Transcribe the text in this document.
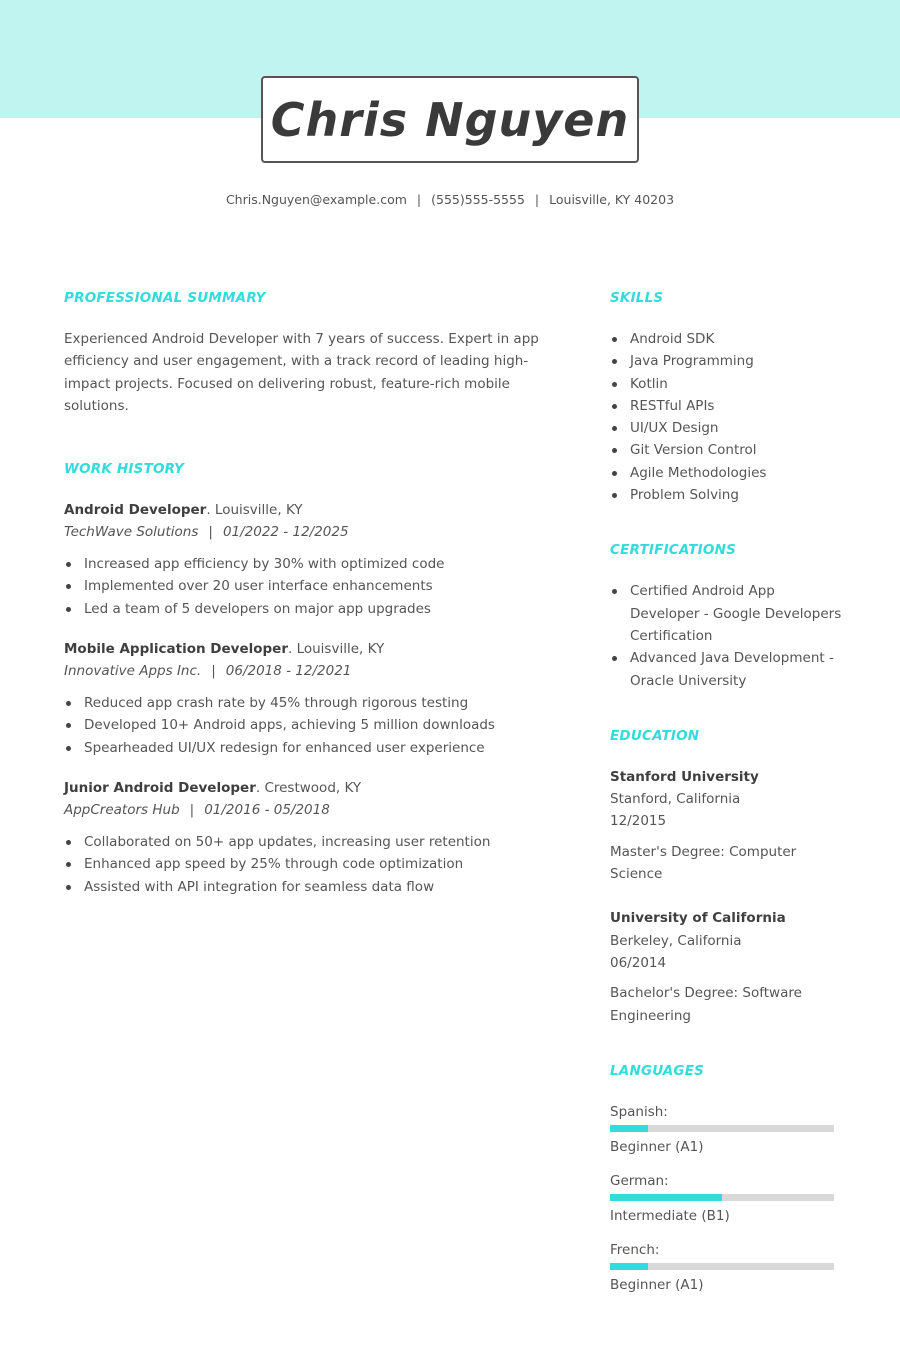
Chris Nguyen
Chris.Nguyen@example.com | (555)555-5555 | Louisville, KY 40203
PROFESSIONAL SUMMARY

Experienced Android Developer with 7 years of success. Expert in app efficiency and user engagement, with a track record of leading high-impact projects. Focused on delivering robust, feature-rich mobile solutions.

WORK HISTORY
Android Developer. Louisville, KY
TechWave Solutions | 01/2022 - 12/2025
Increased app efficiency by 30% with optimized code
Implemented over 20 user interface enhancements
Led a team of 5 developers on major app upgrades
Mobile Application Developer. Louisville, KY
Innovative Apps Inc. | 06/2018 - 12/2021
Reduced app crash rate by 45% through rigorous testing
Developed 10+ Android apps, achieving 5 million downloads
Spearheaded UI/UX redesign for enhanced user experience
Junior Android Developer. Crestwood, KY
AppCreators Hub | 01/2016 - 05/2018
Collaborated on 50+ app updates, increasing user retention
Enhanced app speed by 25% through code optimization
Assisted with API integration for seamless data flow
SKILLS
Android SDK
Java Programming
Kotlin
RESTful APIs
UI/UX Design
Git Version Control
Agile Methodologies
Problem Solving
CERTIFICATIONS
Certified Android App Developer - Google Developers Certification
Advanced Java Development - Oracle University
EDUCATION
Stanford University
Stanford, California
12/2015
Master's Degree: Computer Science
University of California
Berkeley, California
06/2014
Bachelor's Degree: Software Engineering
LANGUAGES
Spanish:
Beginner (A1)
German:
Intermediate (B1)
French:
Beginner (A1)
